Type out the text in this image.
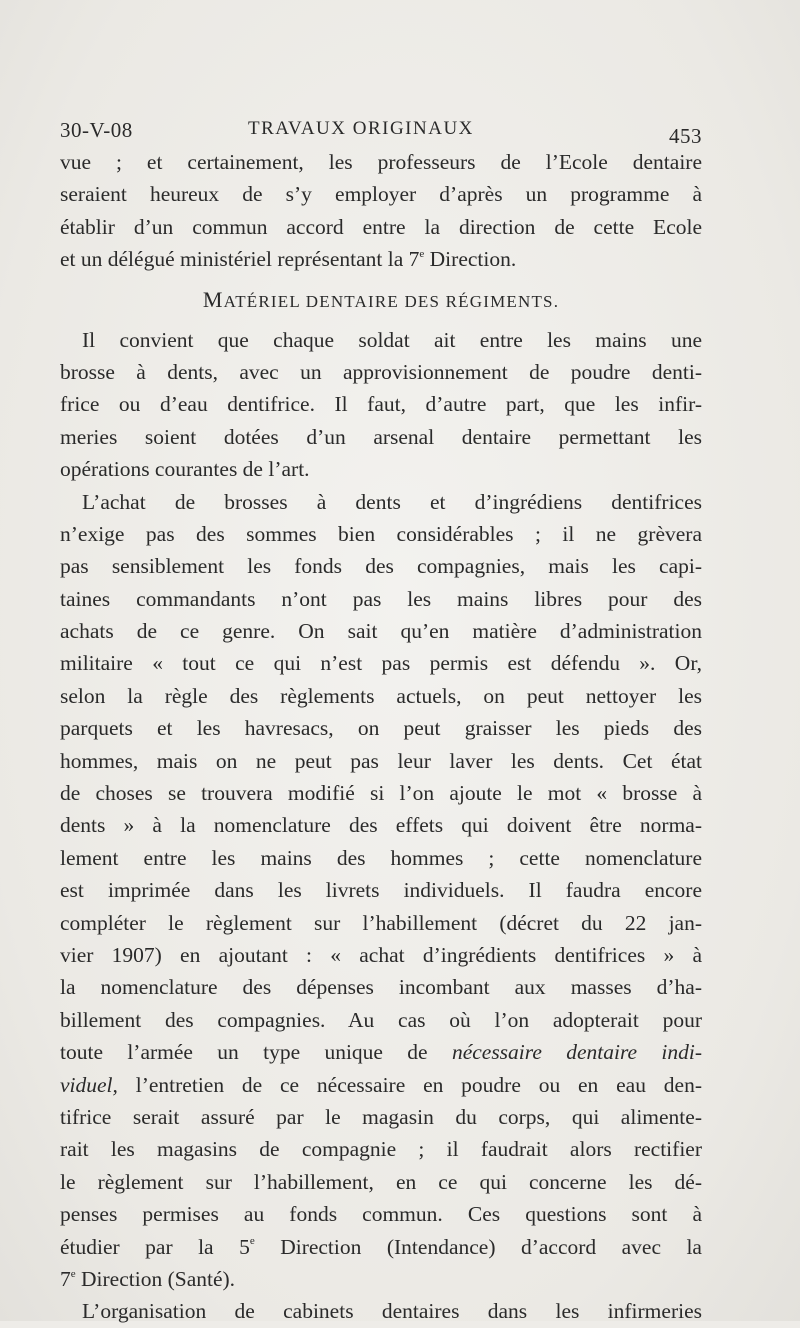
30-V-08	TRAVAUX ORIGINAUX	453
vue ; et certainement, les professeurs de l’Ecole dentaire
seraient heureux de s’y employer d’après un programme à
établir d’un commun accord entre la direction de cette Ecole
et un délégué ministériel représentant la 7e Direction.
MATÉRIEL DENTAIRE DES RÉGIMENTS.
Il convient que chaque soldat ait entre les mains une
brosse à dents, avec un approvisionnement de poudre denti-
frice ou d’eau dentifrice. Il faut, d’autre part, que les infir-
meries soient dotées d’un arsenal dentaire permettant les
opérations courantes de l’art.
L’achat de brosses à dents et d’ingrédiens dentifrices
n’exige pas des sommes bien considérables ; il ne grèvera
pas sensiblement les fonds des compagnies, mais les capi-
taines commandants n’ont pas les mains libres pour des
achats de ce genre. On sait qu’en matière d’administration
militaire « tout ce qui n’est pas permis est défendu ». Or,
selon la règle des règlements actuels, on peut nettoyer les
parquets et les havresacs, on peut graisser les pieds des
hommes, mais on ne peut pas leur laver les dents. Cet état
de choses se trouvera modifié si l’on ajoute le mot « brosse à
dents » à la nomenclature des effets qui doivent être norma-
lement entre les mains des hommes ; cette nomenclature
est imprimée dans les livrets individuels. Il faudra encore
compléter le règlement sur l’habillement (décret du 22 jan-
vier 1907) en ajoutant : « achat d’ingrédients dentifrices » à
la nomenclature des dépenses incombant aux masses d’ha-
billement des compagnies. Au cas où l’on adopterait pour
toute l’armée un type unique de nécessaire dentaire indi-
viduel, l’entretien de ce nécessaire en poudre ou en eau den-
tifrice serait assuré par le magasin du corps, qui alimente-
rait les magasins de compagnie ; il faudrait alors rectifier
le règlement sur l’habillement, en ce qui concerne les dé-
penses permises au fonds commun. Ces questions sont à
étudier par la 5e Direction (Intendance) d’accord avec la
7e Direction (Santé).
L’organisation de cabinets dentaires dans les infirmeries
